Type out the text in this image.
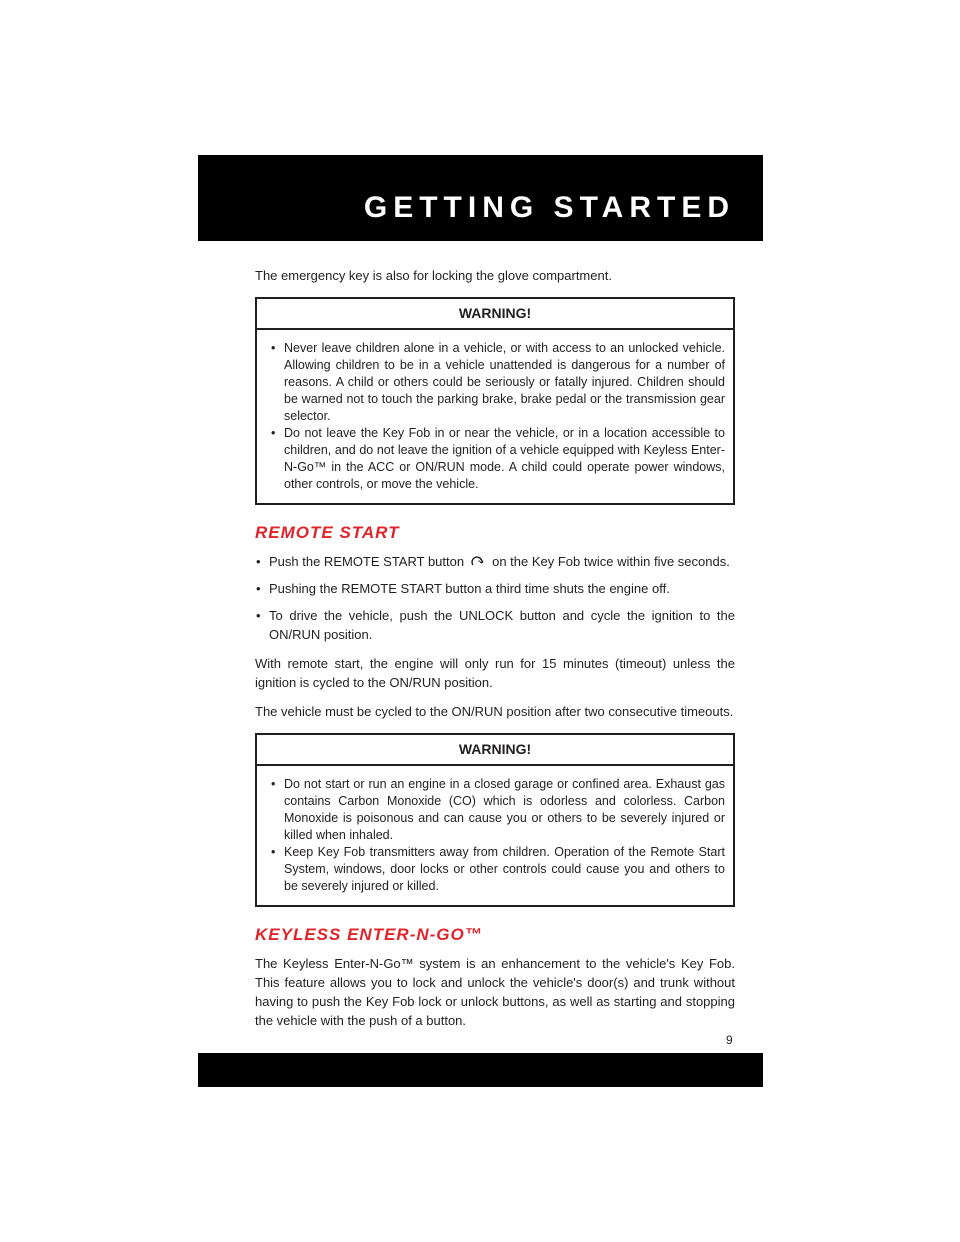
GETTING STARTED

The emergency key is also for locking the glove compartment.

WARNING!
• Never leave children alone in a vehicle, or with access to an unlocked vehicle. Allowing children to be in a vehicle unattended is dangerous for a number of reasons. A child or others could be seriously or fatally injured. Children should be warned not to touch the parking brake, brake pedal or the transmission gear selector.
• Do not leave the Key Fob in or near the vehicle, or in a location accessible to children, and do not leave the ignition of a vehicle equipped with Keyless Enter-N-Go™ in the ACC or ON/RUN mode. A child could operate power windows, other controls, or move the vehicle.
REMOTE START
• Push the REMOTE START button 2 on the Key Fob twice within five seconds.
• Pushing the REMOTE START button a third time shuts the engine off.
• To drive the vehicle, push the UNLOCK button and cycle the ignition to the ON/RUN position.

With remote start, the engine will only run for 15 minutes (timeout) unless the ignition is cycled to the ON/RUN position.

The vehicle must be cycled to the ON/RUN position after two consecutive timeouts.

WARNING!
• Do not start or run an engine in a closed garage or confined area. Exhaust gas contains Carbon Monoxide (CO) which is odorless and colorless. Carbon Monoxide is poisonous and can cause you or others to be severely injured or killed when inhaled.
• Keep Key Fob transmitters away from children. Operation of the Remote Start System, windows, door locks or other controls could cause you and others to be severely injured or killed.
KEYLESS ENTER-N-GO™

The Keyless Enter-N-Go™ system is an enhancement to the vehicle's Key Fob. This feature allows you to lock and unlock the vehicle's door(s) and trunk without having to push the Key Fob lock or unlock buttons, as well as starting and stopping the vehicle with the push of a button.

9
